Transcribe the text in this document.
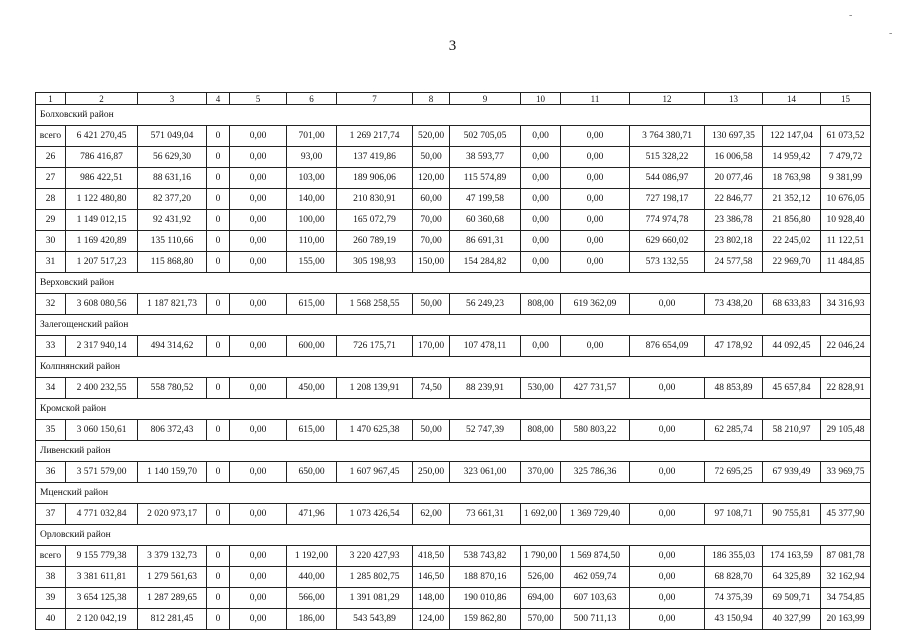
-
-
3
1	2	3	4	5	6	7	8	9	10	11	12	13	14	15
Болховский район														
всего	6 421 270,45	571 049,04	0	0,00	701,00	1 269 217,74	520,00	502 705,05	0,00	0,00	3 764 380,71	130 697,35	122 147,04	61 073,52
26	786 416,87	56 629,30	0	0,00	93,00	137 419,86	50,00	38 593,77	0,00	0,00	515 328,22	16 006,58	14 959,42	7 479,72
27	986 422,51	88 631,16	0	0,00	103,00	189 906,06	120,00	115 574,89	0,00	0,00	544 086,97	20 077,46	18 763,98	9 381,99
28	1 122 480,80	82 377,20	0	0,00	140,00	210 830,91	60,00	47 199,58	0,00	0,00	727 198,17	22 846,77	21 352,12	10 676,05
29	1 149 012,15	92 431,92	0	0,00	100,00	165 072,79	70,00	60 360,68	0,00	0,00	774 974,78	23 386,78	21 856,80	10 928,40
30	1 169 420,89	135 110,66	0	0,00	110,00	260 789,19	70,00	86 691,31	0,00	0,00	629 660,02	23 802,18	22 245,02	11 122,51
31	1 207 517,23	115 868,80	0	0,00	155,00	305 198,93	150,00	154 284,82	0,00	0,00	573 132,55	24 577,58	22 969,70	11 484,85
Верховский район														
32	3 608 080,56	1 187 821,73	0	0,00	615,00	1 568 258,55	50,00	56 249,23	808,00	619 362,09	0,00	73 438,20	68 633,83	34 316,93
Залегощенский район														
33	2 317 940,14	494 314,62	0	0,00	600,00	726 175,71	170,00	107 478,11	0,00	0,00	876 654,09	47 178,92	44 092,45	22 046,24
Колпнянский район														
34	2 400 232,55	558 780,52	0	0,00	450,00	1 208 139,91	74,50	88 239,91	530,00	427 731,57	0,00	48 853,89	45 657,84	22 828,91
Кромской район														
35	3 060 150,61	806 372,43	0	0,00	615,00	1 470 625,38	50,00	52 747,39	808,00	580 803,22	0,00	62 285,74	58 210,97	29 105,48
Ливенский район														
36	3 571 579,00	1 140 159,70	0	0,00	650,00	1 607 967,45	250,00	323 061,00	370,00	325 786,36	0,00	72 695,25	67 939,49	33 969,75
Мценский район														
37	4 771 032,84	2 020 973,17	0	0,00	471,96	1 073 426,54	62,00	73 661,31	1 692,00	1 369 729,40	0,00	97 108,71	90 755,81	45 377,90
Орловский район														
всего	9 155 779,38	3 379 132,73	0	0,00	1 192,00	3 220 427,93	418,50	538 743,82	1 790,00	1 569 874,50	0,00	186 355,03	174 163,59	87 081,78
38	3 381 611,81	1 279 561,63	0	0,00	440,00	1 285 802,75	146,50	188 870,16	526,00	462 059,74	0,00	68 828,70	64 325,89	32 162,94
39	3 654 125,38	1 287 289,65	0	0,00	566,00	1 391 081,29	148,00	190 010,86	694,00	607 103,63	0,00	74 375,39	69 509,71	34 754,85
40	2 120 042,19	812 281,45	0	0,00	186,00	543 543,89	124,00	159 862,80	570,00	500 711,13	0,00	43 150,94	40 327,99	20 163,99
